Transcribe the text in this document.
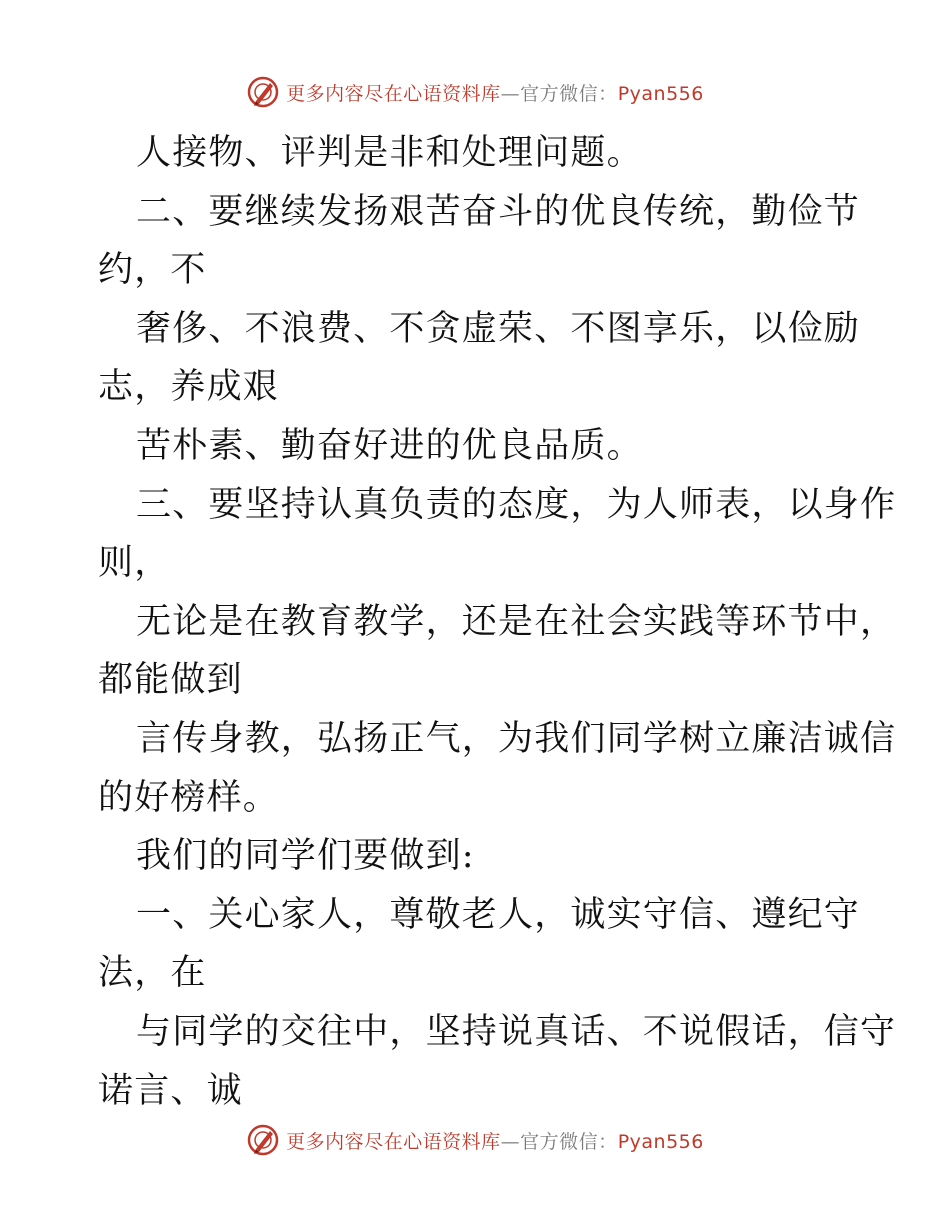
更多内容尽在心语资料库—官方微信：Pyan556
人接物、评判是非和处理问题。
二、要继续发扬艰苦奋斗的优良传统，勤俭节
约，不
奢侈、不浪费、不贪虚荣、不图享乐，以俭励
志，养成艰
苦朴素、勤奋好进的优良品质。
三、要坚持认真负责的态度，为人师表，以身作
则，
无论是在教育教学，还是在社会实践等环节中，
都能做到
言传身教，弘扬正气，为我们同学树立廉洁诚信
的好榜样。
我们的同学们要做到:
一、关心家人，尊敬老人，诚实守信、遵纪守
法，在
与同学的交往中，坚持说真话、不说假话，信守
诺言、诚
更多内容尽在心语资料库—官方微信：Pyan556
